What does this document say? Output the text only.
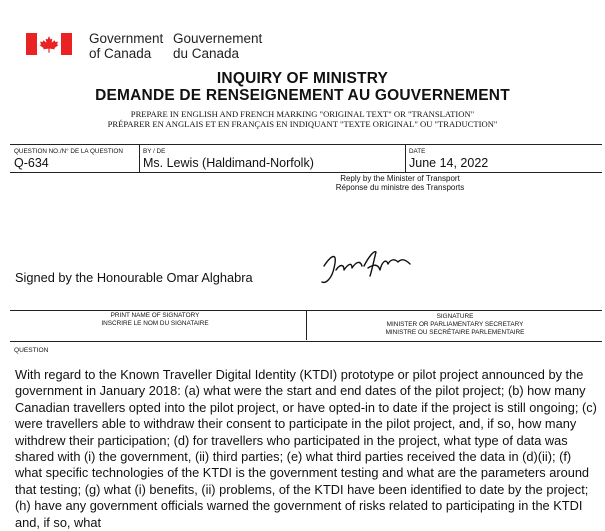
Government
of Canada
Gouvernement
du Canada
INQUIRY OF MINISTRY
DEMANDE DE RENSEIGNEMENT AU GOUVERNEMENT
PREPARE IN ENGLISH AND FRENCH MARKING "ORIGINAL TEXT" OR "TRANSLATION"
PRÉPARER EN ANGLAIS ET EN FRANÇAIS EN INDIQUANT "TEXTE ORIGINAL" OU "TRADUCTION"
QUESTION NO./N° DE LA QUESTION
Q-634
BY / DE
Ms. Lewis (Haldimand-Norfolk)
DATE
June 14, 2022
Reply by the Minister of Transport
Réponse du ministre des Transports
Signed by the Honourable Omar Alghabra
PRINT NAME OF SIGNATORY
INSCRIRE LE NOM DU SIGNATAIRE
SIGNATURE
MINISTER OR PARLIAMENTARY SECRETARY
MINISTRE OU SECRÉTAIRE PARLEMENTAIRE
QUESTION
With regard to the Known Traveller Digital Identity (KTDI) prototype or pilot project announced by the government in January 2018: (a) what were the start and end dates of the pilot project; (b) how many Canadian travellers opted into the pilot project, or have opted-in to date if the project is still ongoing; (c) were travellers able to withdraw their consent to participate in the pilot project, and, if so, how many withdrew their participation; (d) for travellers who participated in the project, what type of data was shared with (i) the government, (ii) third parties; (e) what third parties received the data in (d)(ii); (f) what specific technologies of the KTDI is the government testing and what are the parameters around that testing; (g) what (i) benefits, (ii) problems, of the KTDI have been identified to date by the project; (h) have any government officials warned the government of risks related to participating in the KTDI and, if so, what
